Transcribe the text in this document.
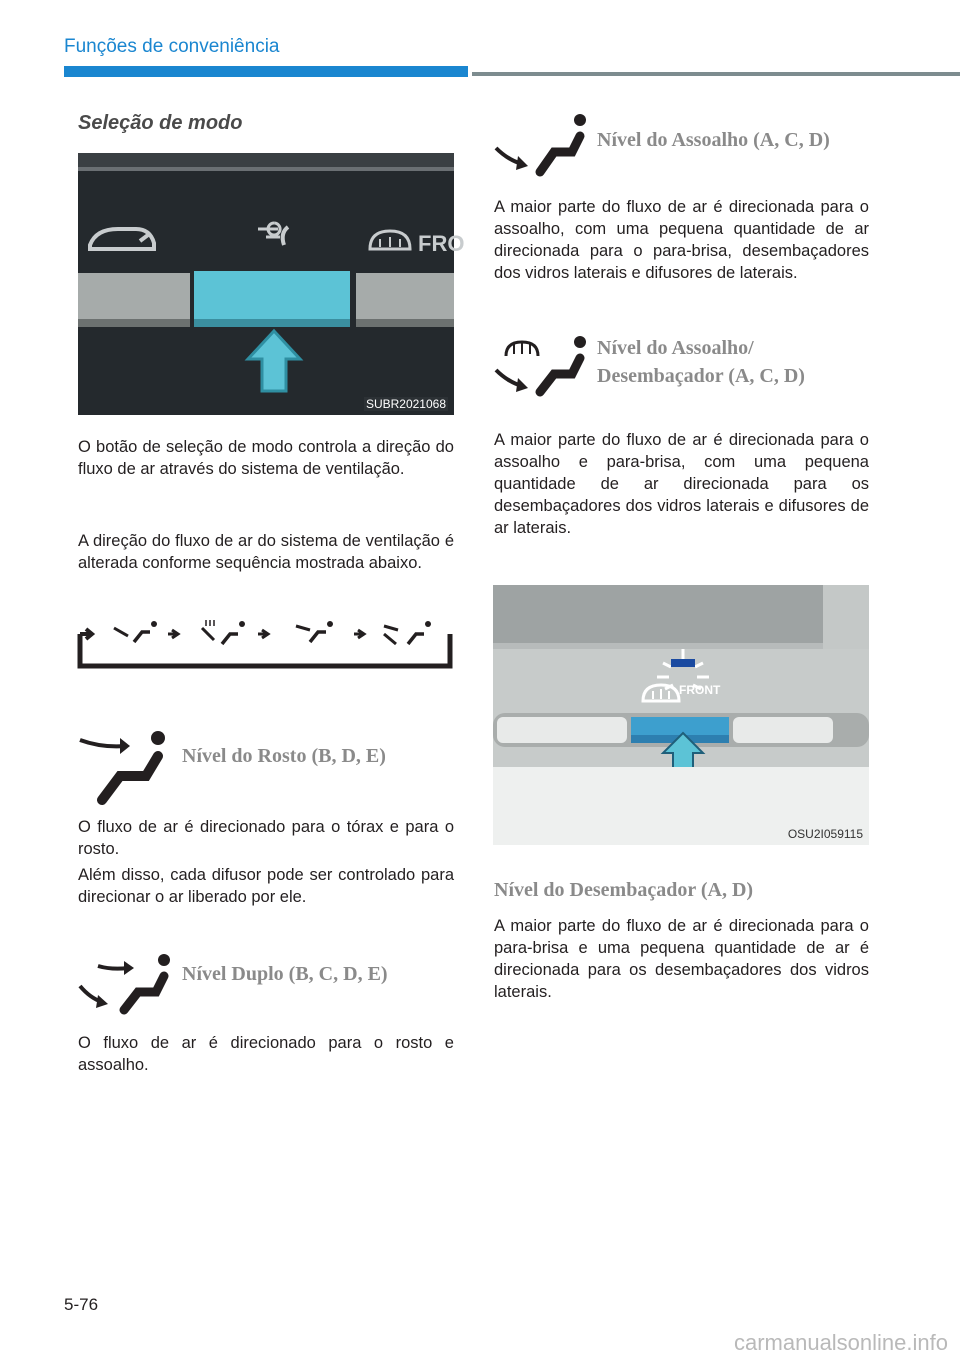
Funções de conveniência
Seleção de modo
FRO
SUBR2021068
O botão de seleção de modo controla a direção do fluxo de ar através do sistema de ventilação.
A direção do fluxo de ar do sistema de ventilação é alterada conforme sequência mostrada abaixo.
Nível do Rosto (B, D, E)
O fluxo de ar é direcionado para o tórax e para o rosto.
Além disso, cada difusor pode ser controlado para direcionar o ar liberado por ele.
Nível Duplo (B, C, D, E)
O fluxo de ar é direcionado para o rosto e assoalho.
Nível do Assoalho (A, C, D)
A maior parte do fluxo de ar é direcionada para o assoalho, com uma pequena quantidade de ar direcionada para o para-brisa, desembaçadores dos vidros laterais e difusores de laterais.
Nível do Assoalho/
Desembaçador (A, C, D)
A maior parte do fluxo de ar é direcionada para o assoalho e para-brisa, com uma pequena quantidade de ar direcionada para os desembaçadores dos vidros laterais e difusores de ar laterais.
FRONT
OSU2I059115
Nível do Desembaçador (A, D)
A maior parte do fluxo de ar é direcionada para o para-brisa e uma pequena quantidade de ar é direcionada para os desembaçadores dos vidros laterais.
5-76
carmanualsonline.info
